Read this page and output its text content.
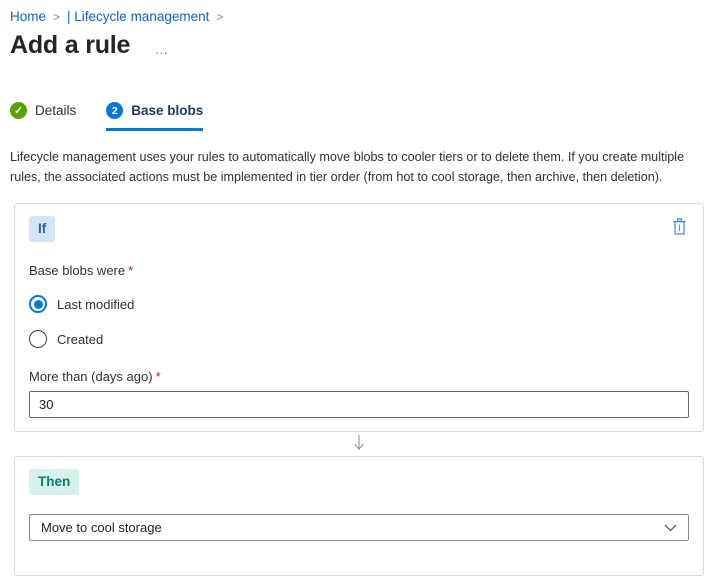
Home > | Lifecycle management >
Add a rule …
✓ Details	2	Base blobs

Lifecycle management uses your rules to automatically move blobs to cooler tiers or to delete them. If you create multiple rules, the associated actions must be implemented in tier order (from hot to cool storage, then archive, then deletion).

If
Base blobs were *
Last modified
Created
More than (days ago) *
30
Then
Move to cool storage
